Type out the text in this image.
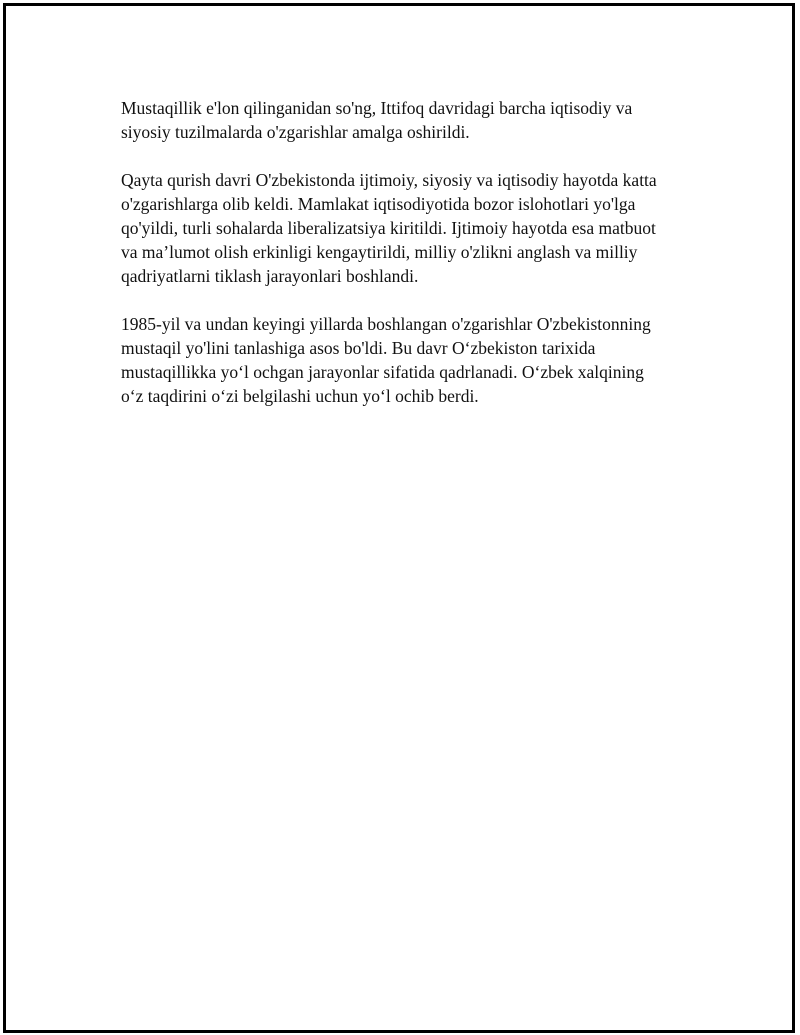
Mustaqillik e'lon qilinganidan so'ng, Ittifoq davridagi barcha iqtisodiy va
siyosiy tuzilmalarda o'zgarishlar amalga oshirildi.

Qayta qurish davri O'zbekistonda ijtimoiy, siyosiy va iqtisodiy hayotda katta
o'zgarishlarga olib keldi. Mamlakat iqtisodiyotida bozor islohotlari yo'lga
qo'yildi, turli sohalarda liberalizatsiya kiritildi. Ijtimoiy hayotda esa matbuot
va ma’lumot olish erkinligi kengaytirildi, milliy o'zlikni anglash va milliy
qadriyatlarni tiklash jarayonlari boshlandi.

1985-yil va undan keyingi yillarda boshlangan o'zgarishlar O'zbekistonning
mustaqil yo'lini tanlashiga asos bo'ldi. Bu davr O‘zbekiston tarixida
mustaqillikka yo‘l ochgan jarayonlar sifatida qadrlanadi. O‘zbek xalqining
o‘z taqdirini o‘zi belgilashi uchun yo‘l ochib berdi.
